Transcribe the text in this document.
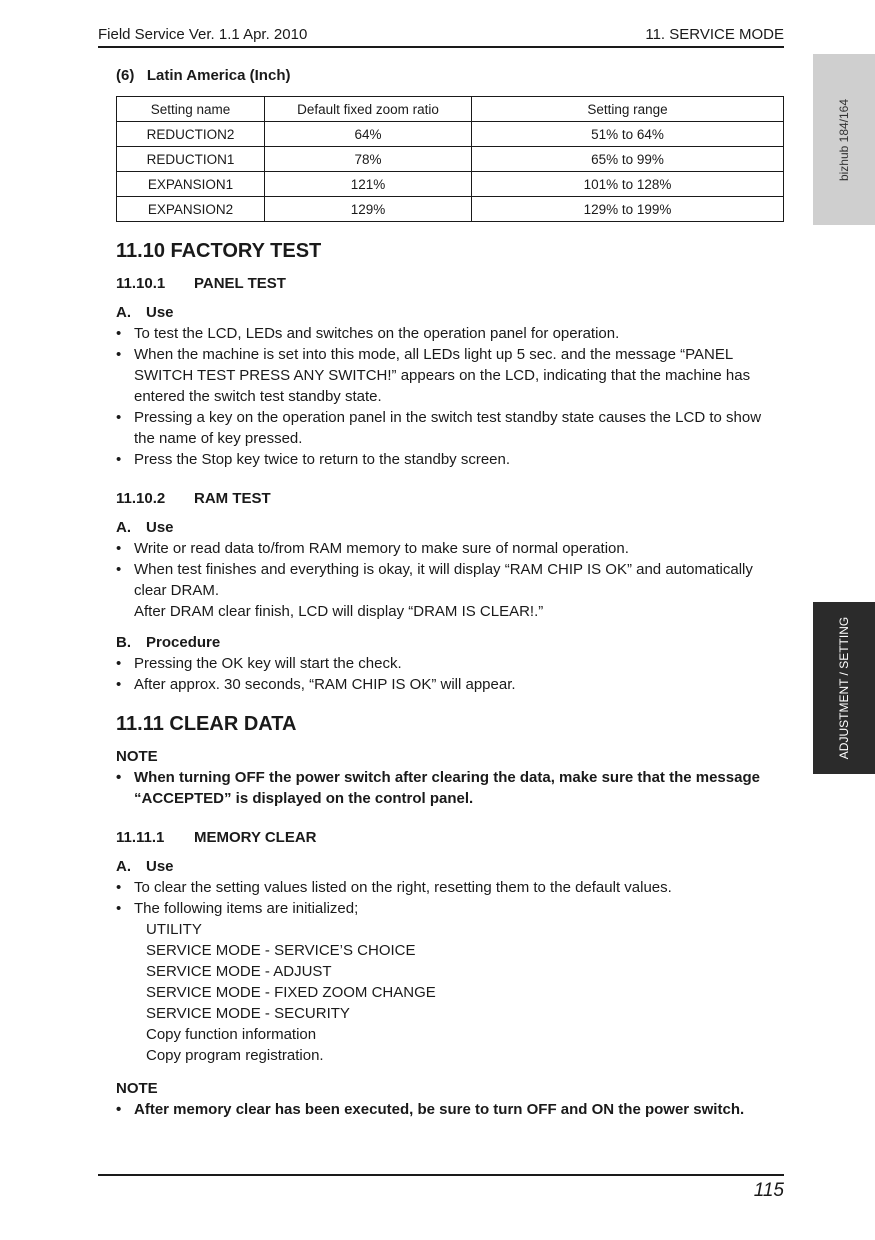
Field Service Ver. 1.1 Apr. 2010	11. SERVICE MODE
bizhub 184/164
ADJUSTMENT / SETTING
(6)   Latin America (Inch)
Setting name	Default fixed zoom ratio	Setting range
REDUCTION2	64%	51% to 64%
REDUCTION1	78%	65% to 99%
EXPANSION1	121%	101% to 128%
EXPANSION2	129%	129% to 199%
11.10 FACTORY TEST
11.10.1 PANEL TEST
A. Use
• To test the LCD, LEDs and switches on the operation panel for operation.
• When the machine is set into this mode, all LEDs light up 5 sec. and the message “PANEL SWITCH TEST PRESS ANY SWITCH!” appears on the LCD, indicating that the machine has entered the switch test standby state.
• Pressing a key on the operation panel in the switch test standby state causes the LCD to show the name of key pressed.
• Press the Stop key twice to return to the standby screen.
11.10.2 RAM TEST
A. Use
• Write or read data to/from RAM memory to make sure of normal operation.
• When test finishes and everything is okay, it will display “RAM CHIP IS OK” and automatically clear DRAM.
After DRAM clear finish, LCD will display “DRAM IS CLEAR!.”
B. Procedure
• Pressing the OK key will start the check.
• After approx. 30 seconds, “RAM CHIP IS OK” will appear.
11.11 CLEAR DATA
NOTE
• When turning OFF the power switch after clearing the data, make sure that the message “ACCEPTED” is displayed on the control panel.
11.11.1 MEMORY CLEAR
A. Use
• To clear the setting values listed on the right, resetting them to the default values.
• The following items are initialized;
UTILITY
SERVICE MODE - SERVICE’S CHOICE
SERVICE MODE - ADJUST
SERVICE MODE - FIXED ZOOM CHANGE
SERVICE MODE - SECURITY
Copy function information
Copy program registration.
NOTE
• After memory clear has been executed, be sure to turn OFF and ON the power switch.
115
